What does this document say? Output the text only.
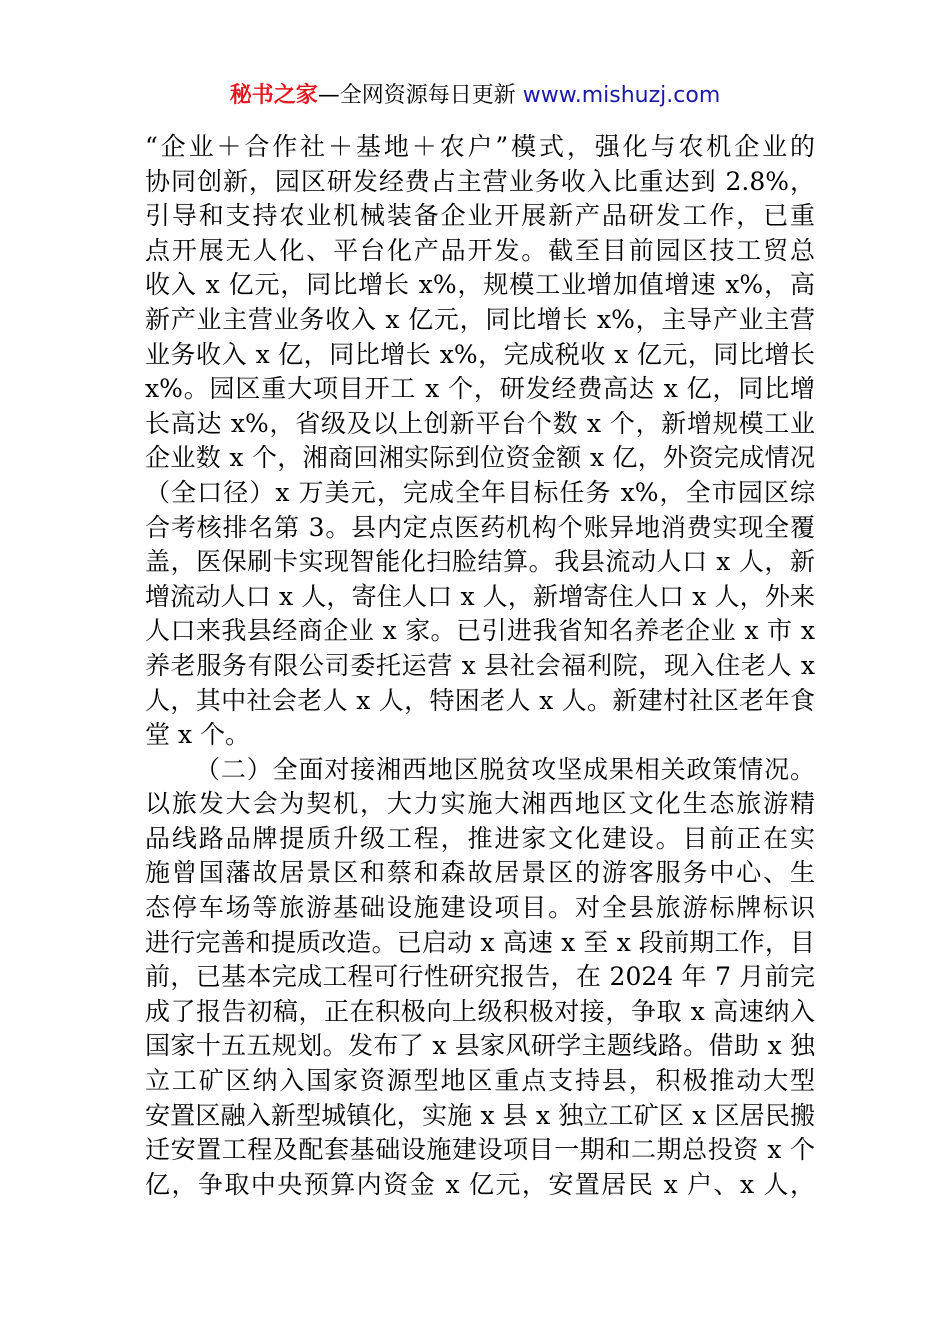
秘书之家—全网资源每日更新 www.mishuzj.com
“企业＋合作社＋基地＋农户”模式，强化与农机企业的
协同创新，园区研发经费占主营业务收入比重达到 2.8%，
引导和支持农业机械装备企业开展新产品研发工作，已重
点开展无人化、平台化产品开发。截至目前园区技工贸总
收入 x 亿元，同比增长 x%，规模工业增加值增速 x%，高
新产业主营业务收入 x 亿元，同比增长 x%，主导产业主营
业务收入 x 亿，同比增长 x%，完成税收 x 亿元，同比增长
x%。园区重大项目开工 x 个，研发经费高达 x 亿，同比增
长高达 x%，省级及以上创新平台个数 x 个，新增规模工业
企业数 x 个，湘商回湘实际到位资金额 x 亿，外资完成情况
（全口径）x 万美元，完成全年目标任务 x%，全市园区综
合考核排名第 3。县内定点医药机构个账异地消费实现全覆
盖，医保刷卡实现智能化扫脸结算。我县流动人口 x 人，新
增流动人口 x 人，寄住人口 x 人，新增寄住人口 x 人，外来
人口来我县经商企业 x 家。已引进我省知名养老企业 x 市 x
养老服务有限公司委托运营 x 县社会福利院，现入住老人 x
人，其中社会老人 x 人，特困老人 x 人。新建村社区老年食
堂 x 个。
（二）全面对接湘西地区脱贫攻坚成果相关政策情况。
以旅发大会为契机，大力实施大湘西地区文化生态旅游精
品线路品牌提质升级工程，推进家文化建设。目前正在实
施曾国藩故居景区和蔡和森故居景区的游客服务中心、生
态停车场等旅游基础设施建设项目。对全县旅游标牌标识
进行完善和提质改造。已启动 x 高速 x 至 x 段前期工作，目
前，已基本完成工程可行性研究报告，在 2024 年 7 月前完
成了报告初稿，正在积极向上级积极对接，争取 x 高速纳入
国家十五五规划。发布了 x 县家风研学主题线路。借助 x 独
立工矿区纳入国家资源型地区重点支持县，积极推动大型
安置区融入新型城镇化，实施 x 县 x 独立工矿区 x 区居民搬
迁安置工程及配套基础设施建设项目一期和二期总投资 x 个
亿，争取中央预算内资金 x 亿元，安置居民 x 户、x 人，
